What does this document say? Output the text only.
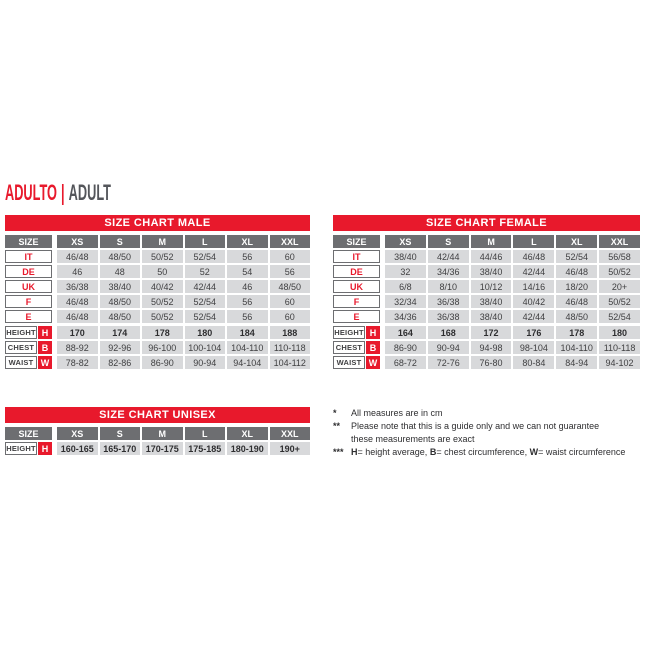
ADULTO | ADULT
SIZE CHART MALE
SIZE	XS	S	M	L	XL	XXL
IT	46/48	48/50	50/52	52/54	56	60
DE	46	48	50	52	54	56
UK	36/38	38/40	40/42	42/44	46	48/50
F	46/48	48/50	50/52	52/54	56	60
E	46/48	48/50	50/52	52/54	56	60
HEIGHT H	170	174	178	180	184	188
CHEST B	88-92	92-96	96-100	100-104	104-110	110-118
WAIST W	78-82	82-86	86-90	90-94	94-104	104-112
SIZE CHART FEMALE
SIZE	XS	S	M	L	XL	XXL
IT	38/40	42/44	44/46	46/48	52/54	56/58
DE	32	34/36	38/40	42/44	46/48	50/52
UK	6/8	8/10	10/12	14/16	18/20	20+
F	32/34	36/38	38/40	40/42	46/48	50/52
E	34/36	36/38	38/40	42/44	48/50	52/54
HEIGHT H	164	168	172	176	178	180
CHEST B	86-90	90-94	94-98	98-104	104-110	110-118
WAIST W	68-72	72-76	76-80	80-84	84-94	94-102
SIZE CHART UNISEX
SIZE	XS	S	M	L	XL	XXL
HEIGHT H	160-165	165-170	170-175	175-185	180-190	190+
*	All measures are in cm
**	Please note that this is a guide only and we can not guarantee
these measurements are exact
*** H= height average, B= chest circumference, W= waist circumference
